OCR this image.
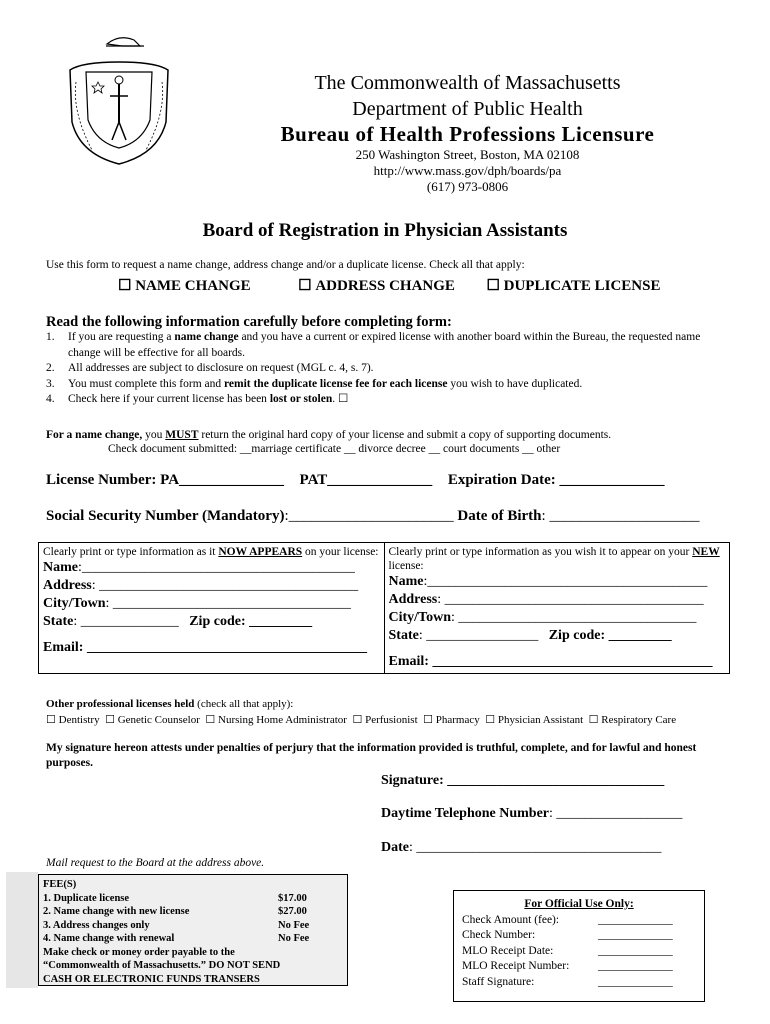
The Commonwealth of Massachusetts
Department of Public Health
Bureau of Health Professions Licensure
250 Washington Street, Boston, MA 02108
http://www.mass.gov/dph/boards/pa
(617) 973-0806
Board of Registration in Physician Assistants
Use this form to request a name change, address change and/or a duplicate license. Check all that apply:
☐ NAME CHANGE	☐ ADDRESS CHANGE ☐ DUPLICATE LICENSE
Read the following information carefully before completing form:
1. If you are requesting a name change and you have a current or expired license with another board within the Bureau, the requested name change will be effective for all boards.
2. All addresses are subject to disclosure on request (MGL c. 4, s. 7).
3. You must complete this form and remit the duplicate license fee for each license you wish to have duplicated.
4. Check here if your current license has been lost or stolen. ☐
For a name change, you MUST return the original hard copy of your license and submit a copy of supporting documents.
Check document submitted: __marriage certificate __ divorce decree __ court documents __ other
License Number: PA______________ PAT______________ Expiration Date: ______________
Social Security Number (Mandatory):______________________ Date of Birth: ____________________
Clearly print or type information as it NOW APPEARS on your license:
Name:_______________________________________
Address: _____________________________________
City/Town: __________________________________
State: ______________ Zip code: _________
Email: ________________________________________

Clearly print or type information as you wish it to appear on your NEW license:
Name:________________________________________
Address: _____________________________________
City/Town: __________________________________
State: ________________ Zip code: _________
Email: ________________________________________
Other professional licenses held (check all that apply):
☐ Dentistry ☐ Genetic Counselor ☐ Nursing Home Administrator ☐ Perfusionist ☐ Pharmacy ☐ Physician Assistant ☐ Respiratory Care
My signature hereon attests under penalties of perjury that the information provided is truthful, complete, and for lawful and honest purposes.
Signature: _______________________________
Daytime Telephone Number: __________________
Date: ___________________________________
Mail request to the Board at the address above.
FEE(S)
1. Duplicate license	$17.00
2. Name change with new license	$27.00
3. Address changes only	No Fee
4. Name change with renewal	No Fee
Make check or money order payable to the
“Commonwealth of Massachusetts.” DO NOT SEND
CASH OR ELECTRONIC FUNDS TRANSERS
For Official Use Only:
Check Amount (fee):	_____________
Check Number:	_____________
MLO Receipt Date:	_____________
MLO Receipt Number:	_____________
Staff Signature:	_____________
